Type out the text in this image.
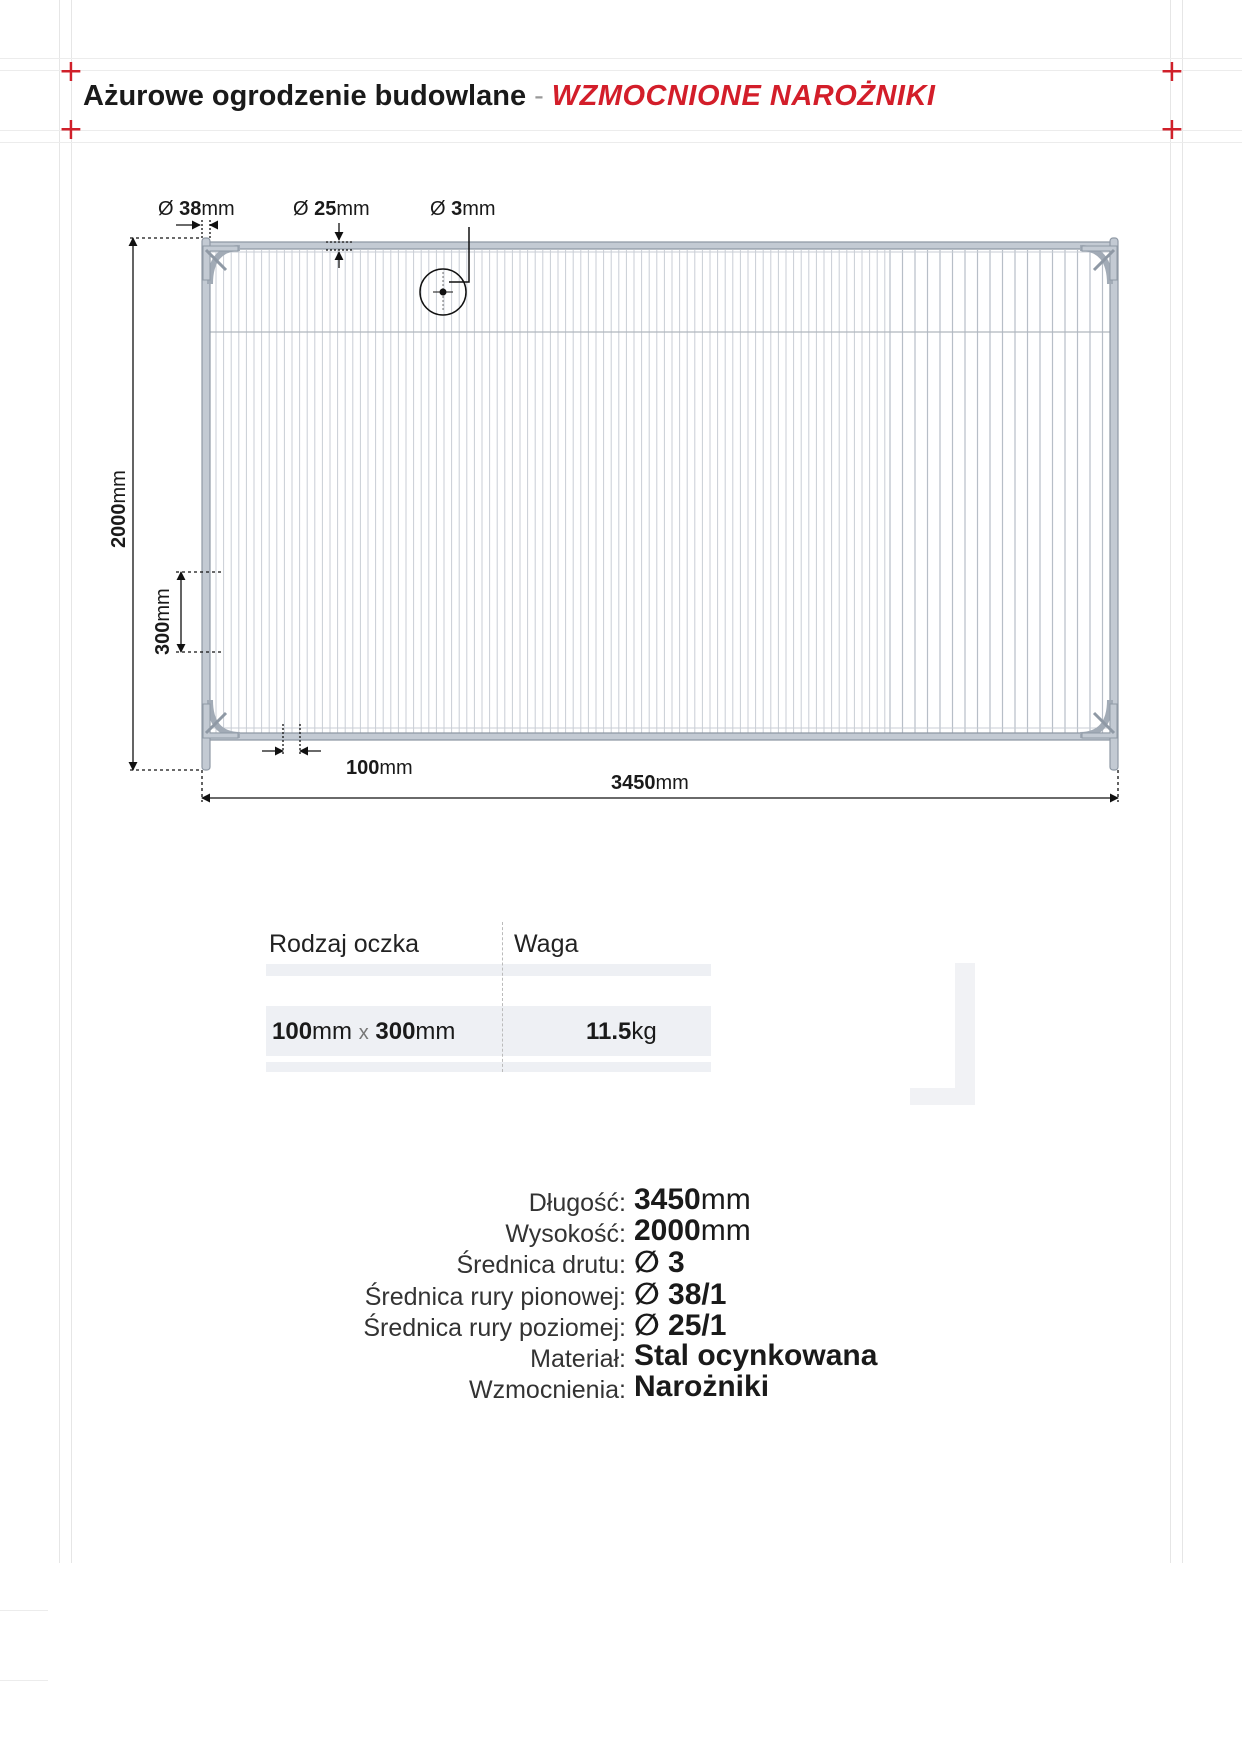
+
+
+
+
Ażurowe ogrodzenie budowlane - WZMOCNIONE NAROŻNIKI
Ø 38mm	Ø 25mm	Ø 3mm
2000mm
300mm
100mm
3450mm
Rodzaj oczka	Waga
100mm x 300mm	11.5kg
Długość: 3450mm
Wysokość: 2000mm
Średnica drutu: ∅ 3
Średnica rury pionowej: ∅ 38/1
Średnica rury poziomej: ∅ 25/1
Materiał: Stal ocynkowana
Wzmocnienia: Narożniki
